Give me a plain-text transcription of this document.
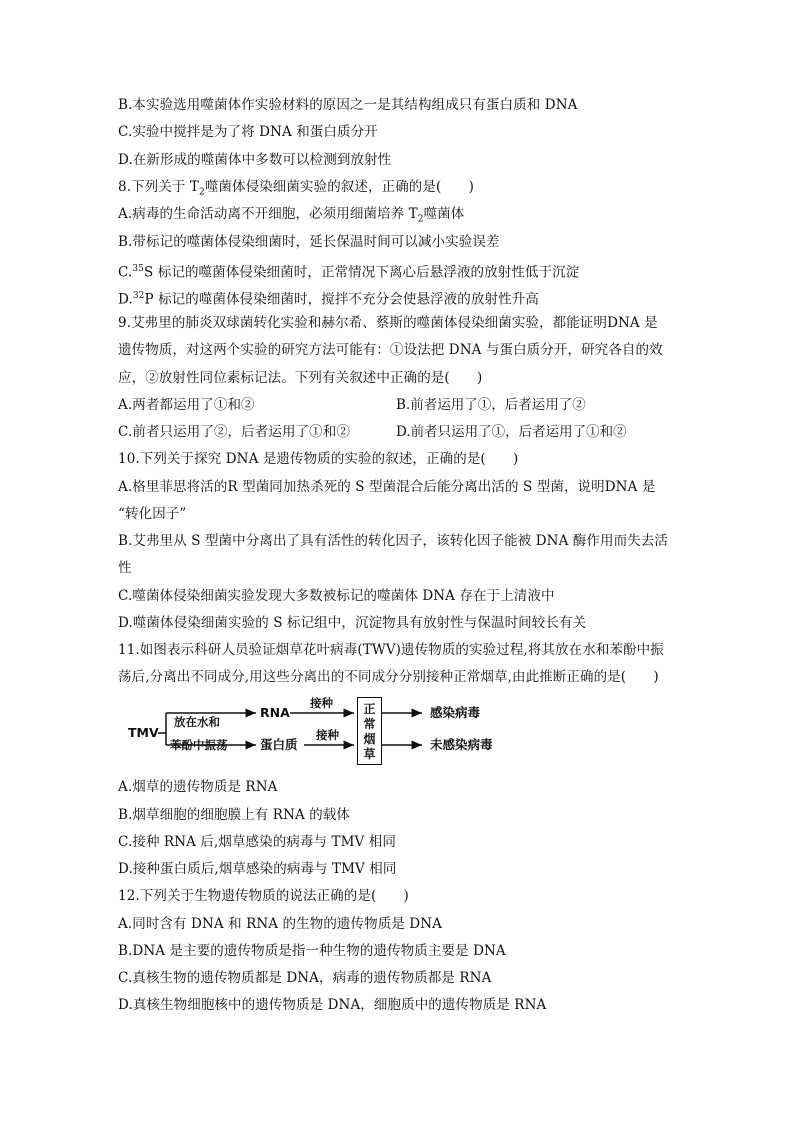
B.本实验选用噬菌体作实验材料的原因之一是其结构组成只有蛋白质和 DNA
C.实验中搅拌是为了将 DNA 和蛋白质分开
D.在新形成的噬菌体中多数可以检测到放射性
8.下列关于 $T_2$噬菌体侵染细菌实验的叙述，正确的是(　　)
A.病毒的生命活动离不开细胞，必须用细菌培养 $T_2$噬菌体
B.带标记的噬菌体侵染细菌时，延长保温时间可以减小实验误差
C.$^{35}$S 标记的噬菌体侵染细菌时，正常情况下离心后悬浮液的放射性低于沉淀
D.$^{32}$P 标记的噬菌体侵染细菌时，搅拌不充分会使悬浮液的放射性升高
9.艾弗里的肺炎双球菌转化实验和赫尔希、蔡斯的噬菌体侵染细菌实验，都能证明DNA 是
遗传物质，对这两个实验的研究方法可能有：①设法把 DNA 与蛋白质分开，研究各自的效
应，②放射性同位素标记法。下列有关叙述中正确的是(　　)
A.两者都运用了①和②	B.前者运用了①，后者运用了②
C.前者只运用了②，后者运用了①和②	D.前者只运用了①，后者运用了①和②
10.下列关于探究 DNA 是遗传物质的实验的叙述，正确的是(　　)
A.格里菲思将活的R 型菌同加热杀死的 S 型菌混合后能分离出活的 S 型菌，说明DNA 是
“转化因子”
B.艾弗里从 S 型菌中分离出了具有活性的转化因子，该转化因子能被 DNA 酶作用而失去活
性
C.噬菌体侵染细菌实验发现大多数被标记的噬菌体 DNA 存在于上清液中
D.噬菌体侵染细菌实验的 S 标记组中，沉淀物具有放射性与保温时间较长有关
11.如图表示科研人员验证烟草花叶病毒(TWV)遗传物质的实验过程,将其放在水和苯酚中振
荡后,分离出不同成分,用这些分离出的不同成分分别接种正常烟草,由此推断正确的是(　　)
TMV
放在水和
苯酚中振荡
RNA
蛋白质
接种
接种
正
常
烟
草
感染病毒
未感染病毒
A.烟草的遗传物质是 RNA
B.烟草细胞的细胞膜上有 RNA 的载体
C.接种 RNA 后,烟草感染的病毒与 TMV 相同
D.接种蛋白质后,烟草感染的病毒与 TMV 相同
12.下列关于生物遗传物质的说法正确的是(　　)
A.同时含有 DNA 和 RNA 的生物的遗传物质是 DNA
B.DNA 是主要的遗传物质是指一种生物的遗传物质主要是 DNA
C.真核生物的遗传物质都是 DNA，病毒的遗传物质都是 RNA
D.真核生物细胞核中的遗传物质是 DNA，细胞质中的遗传物质是 RNA
